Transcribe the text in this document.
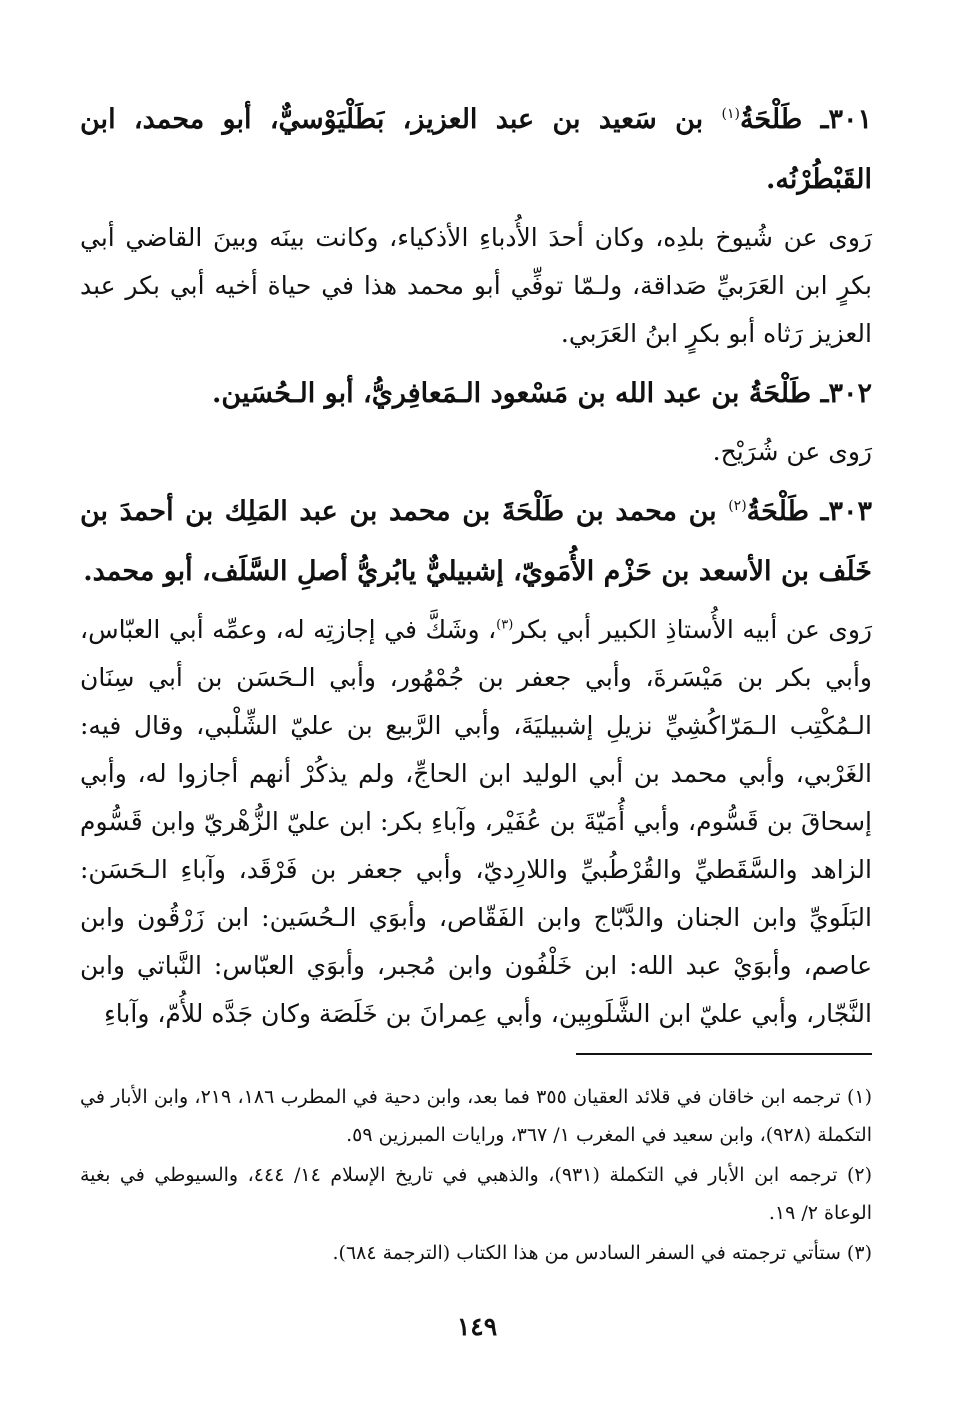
٣٠١ـ طَلْحَةُ$^{(١)}$ بن سَعيد بن عبد العزيز، بَطَلْيَوْسيٌّ، أبو محمد، ابن القَبْطُرْنُه.

رَوى عن شُيوخ بلدِه، وكان أحدَ الأُدباءِ الأذكياء، وكانت بينَه وبينَ القاضي أبي بكرٍ ابن العَرَبيِّ صَداقة، ولـمّا توفِّي أبو محمد هذا في حياة أخيه أبي بكر عبد العزيز رَثاه أبو بكرٍ ابنُ العَرَبي.

٣٠٢ـ طَلْحَةُ بن عبد الله بن مَسْعود الـمَعافِريُّ، أبو الـحُسَين.

رَوى عن شُرَيْح.

٣٠٣ـ طَلْحَةُ$^{(٢)}$ بن محمد بن طَلْحَةَ بن محمد بن عبد المَلِك بن أحمدَ بن خَلَف بن الأسعد بن حَزْم الأُمَويّ، إشبيليٌّ يابُريُّ أصلِ السَّلَف، أبو محمد.

رَوى عن أبيه الأُستاذِ الكبير أبي بكر$^{(٣)}$، وشَكَّ في إجازتِه له، وعمِّه أبي العبّاس، وأبي بكر بن مَيْسَرةَ، وأبي جعفر بن جُمْهُور، وأبي الـحَسَن بن أبي سِنَان الـمُكْتِب الـمَرّاكُشِيِّ نزيلِ إشبيليَةَ، وأبي الرَّبيع بن عليّ الشِّلْبي، وقال فيه: الغَرْبي، وأبي محمد بن أبي الوليد ابن الحاجِّ، ولم يذكُرْ أنهم أجازوا له، وأبي إسحاقَ بن قَسُّوم، وأبي أُمَيّةَ بن عُفَيْر، وآباءِ بكر: ابن عليّ الزُّهْريّ وابن قَسُّوم الزاهد والسَّقَطيِّ والقُرْطُبيِّ واللارِديّ، وأبي جعفر بن فَرْقَد، وآباءِ الـحَسَن: البَلَويِّ وابن الجنان والدَّبّاج وابن الفَقّاص، وأبوَي الـحُسَين: ابن زَرْقُون وابن عاصم، وأبوَيْ عبد الله: ابن خَلْفُون وابن مُجبر، وأبوَي العبّاس: النَّباتي وابن النَّجّار، وأبي عليّ ابن الشَّلَوبِين، وأبي عِمرانَ بن خَلَصَة وكان جَدَّه للأُمّ، وآباءِ

(١) ترجمه ابن خاقان في قلائد العقيان ٣٥٥ فما بعد، وابن دحية في المطرب ١٨٦، ٢١٩، وابن الأبار في التكملة (٩٢٨)، وابن سعيد في المغرب ١/ ٣٦٧، ورايات المبرزين ٥٩.

(٢) ترجمه ابن الأبار في التكملة (٩٣١)، والذهبي في تاريخ الإسلام ١٤/ ٤٤٤، والسيوطي في بغية الوعاة ٢/ ١٩.

(٣) ستأتي ترجمته في السفر السادس من هذا الكتاب (الترجمة ٦٨٤).

١٤٩
